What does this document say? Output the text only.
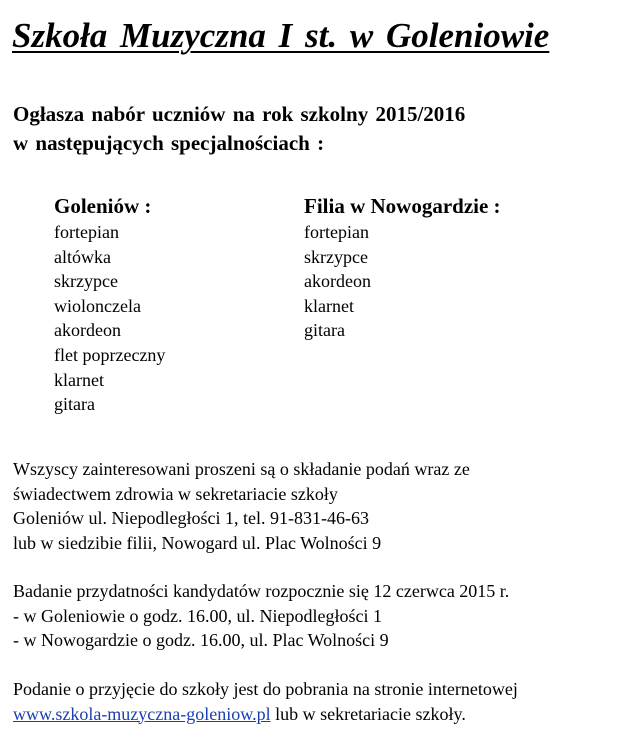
Szkoła Muzyczna I st. w Goleniowie
Ogłasza nabór uczniów na rok szkolny 2015/2016
w następujących specjalnościach :
Goleniów :
fortepian
altówka
skrzypce
wiolonczela
akordeon
flet poprzeczny
klarnet
gitara
Filia w Nowogardzie :
fortepian
skrzypce
akordeon
klarnet
gitara
Wszyscy zainteresowani proszeni są o składanie podań wraz ze
świadectwem zdrowia w sekretariacie szkoły
Goleniów ul. Niepodległości 1, tel. 91-831-46-63
lub w siedzibie filii, Nowogard ul. Plac Wolności 9
Badanie przydatności kandydatów rozpocznie się 12 czerwca 2015 r.
- w Goleniowie o godz. 16.00, ul. Niepodległości 1
- w Nowogardzie o godz. 16.00, ul. Plac Wolności 9
Podanie o przyjęcie do szkoły jest do pobrania na stronie internetowej
www.szkola-muzyczna-goleniow.pl lub w sekretariacie szkoły.
